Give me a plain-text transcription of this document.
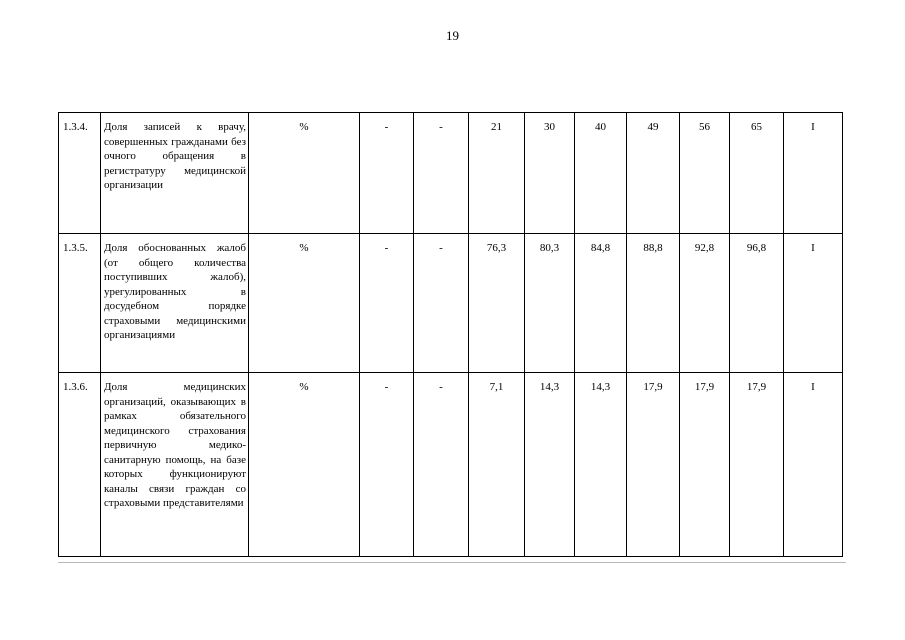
19
1.3.4.	Доля записей к врачу, совершенных гражданами без очного обращения в регистратуру медицинской организации	%	-	-	21	30	40	49	56	65	I
1.3.5.	Доля обоснованных жалоб (от общего количества поступивших жалоб), урегулированных в досудебном порядке страховыми медицинскими организациями	%	-	-	76,3	80,3	84,8	88,8	92,8	96,8	I
1.3.6.	Доля медицинских организаций, оказывающих в рамках обязательного медицинского страхования первичную медико-санитарную помощь, на базе которых функционируют каналы связи граждан со страховыми представителями	%	-	-	7,1	14,3	14,3	17,9	17,9	17,9	I
